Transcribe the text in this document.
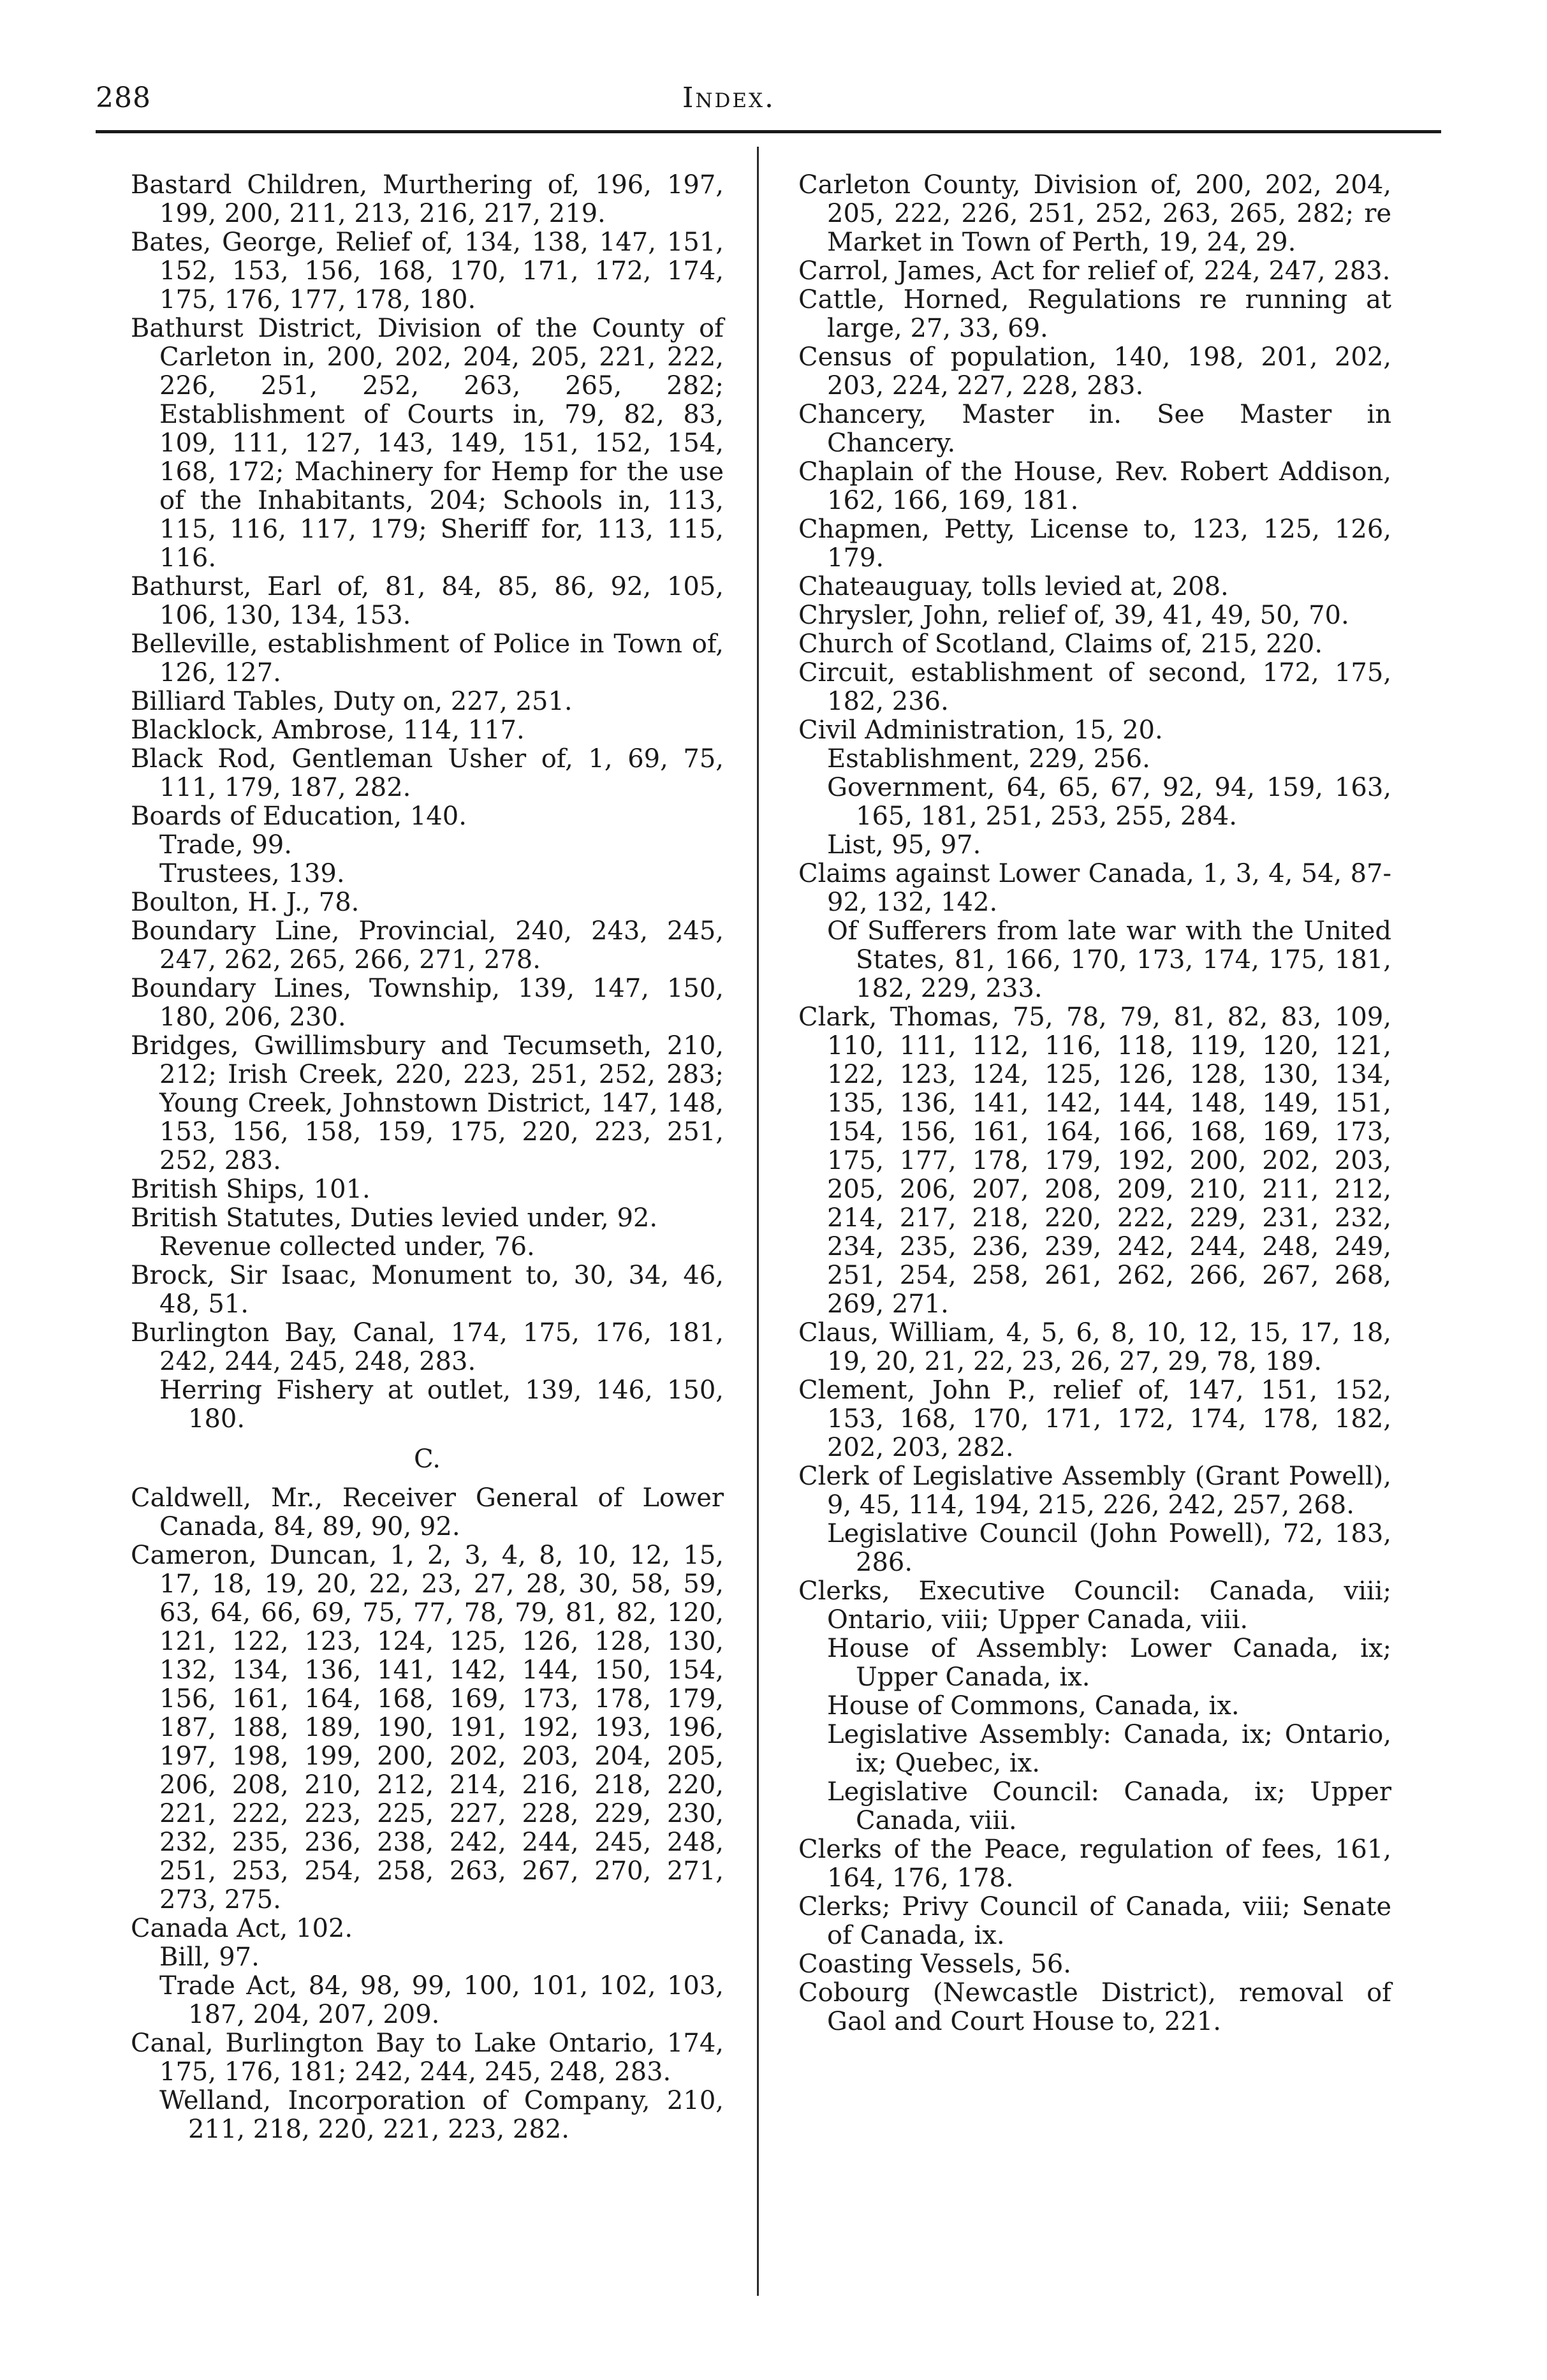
288	Index.

Bastard Children, Murthering of, 196, 197, 199, 200, 211, 213, 216, 217, 219.

Bates, George, Relief of, 134, 138, 147, 151, 152, 153, 156, 168, 170, 171, 172, 174, 175, 176, 177, 178, 180.

Bathurst District, Division of the County of Carleton in, 200, 202, 204, 205, 221, 222, 226, 251, 252, 263, 265, 282; Establishment of Courts in, 79, 82, 83, 109, 111, 127, 143, 149, 151, 152, 154, 168, 172; Machinery for Hemp for the use of the Inhabitants, 204; Schools in, 113, 115, 116, 117, 179; Sheriff for, 113, 115, 116.

Bathurst, Earl of, 81, 84, 85, 86, 92, 105, 106, 130, 134, 153.

Belleville, establishment of Police in Town of, 126, 127.

Billiard Tables, Duty on, 227, 251.

Blacklock, Ambrose, 114, 117.

Black Rod, Gentleman Usher of, 1, 69, 75, 111, 179, 187, 282.

Boards of Education, 140.

Trade, 99.

Trustees, 139.

Boulton, H. J., 78.

Boundary Line, Provincial, 240, 243, 245, 247, 262, 265, 266, 271, 278.

Boundary Lines, Township, 139, 147, 150, 180, 206, 230.

Bridges, Gwillimsbury and Tecumseth, 210, 212; Irish Creek, 220, 223, 251, 252, 283; Young Creek, Johnstown District, 147, 148, 153, 156, 158, 159, 175, 220, 223, 251, 252, 283.

British Ships, 101.

British Statutes, Duties levied under, 92.

Revenue collected under, 76.

Brock, Sir Isaac, Monument to, 30, 34, 46, 48, 51.

Burlington Bay, Canal, 174, 175, 176, 181, 242, 244, 245, 248, 283.

Herring Fishery at outlet, 139, 146, 150, 180.

C.

Caldwell, Mr., Receiver General of Lower Canada, 84, 89, 90, 92.

Cameron, Duncan, 1, 2, 3, 4, 8, 10, 12, 15, 17, 18, 19, 20, 22, 23, 27, 28, 30, 58, 59, 63, 64, 66, 69, 75, 77, 78, 79, 81, 82, 120, 121, 122, 123, 124, 125, 126, 128, 130, 132, 134, 136, 141, 142, 144, 150, 154, 156, 161, 164, 168, 169, 173, 178, 179, 187, 188, 189, 190, 191, 192, 193, 196, 197, 198, 199, 200, 202, 203, 204, 205, 206, 208, 210, 212, 214, 216, 218, 220, 221, 222, 223, 225, 227, 228, 229, 230, 232, 235, 236, 238, 242, 244, 245, 248, 251, 253, 254, 258, 263, 267, 270, 271, 273, 275.

Canada Act, 102.

Bill, 97.

Trade Act, 84, 98, 99, 100, 101, 102, 103, 187, 204, 207, 209.

Canal, Burlington Bay to Lake Ontario, 174, 175, 176, 181; 242, 244, 245, 248, 283.

Welland, Incorporation of Company, 210, 211, 218, 220, 221, 223, 282.

Carleton County, Division of, 200, 202, 204, 205, 222, 226, 251, 252, 263, 265, 282; re Market in Town of Perth, 19, 24, 29.

Carrol, James, Act for relief of, 224, 247, 283.

Cattle, Horned, Regulations re running at large, 27, 33, 69.

Census of population, 140, 198, 201, 202, 203, 224, 227, 228, 283.

Chancery, Master in. See Master in Chancery.

Chaplain of the House, Rev. Robert Addison, 162, 166, 169, 181.

Chapmen, Petty, License to, 123, 125, 126, 179.

Chateauguay, tolls levied at, 208.

Chrysler, John, relief of, 39, 41, 49, 50, 70.

Church of Scotland, Claims of, 215, 220.

Circuit, establishment of second, 172, 175, 182, 236.

Civil Administration, 15, 20.

Establishment, 229, 256.

Government, 64, 65, 67, 92, 94, 159, 163, 165, 181, 251, 253, 255, 284.

List, 95, 97.

Claims against Lower Canada, 1, 3, 4, 54, 87-92, 132, 142.

Of Sufferers from late war with the United States, 81, 166, 170, 173, 174, 175, 181, 182, 229, 233.

Clark, Thomas, 75, 78, 79, 81, 82, 83, 109, 110, 111, 112, 116, 118, 119, 120, 121, 122, 123, 124, 125, 126, 128, 130, 134, 135, 136, 141, 142, 144, 148, 149, 151, 154, 156, 161, 164, 166, 168, 169, 173, 175, 177, 178, 179, 192, 200, 202, 203, 205, 206, 207, 208, 209, 210, 211, 212, 214, 217, 218, 220, 222, 229, 231, 232, 234, 235, 236, 239, 242, 244, 248, 249, 251, 254, 258, 261, 262, 266, 267, 268, 269, 271.

Claus, William, 4, 5, 6, 8, 10, 12, 15, 17, 18, 19, 20, 21, 22, 23, 26, 27, 29, 78, 189.

Clement, John P., relief of, 147, 151, 152, 153, 168, 170, 171, 172, 174, 178, 182, 202, 203, 282.

Clerk of Legislative Assembly (Grant Powell), 9, 45, 114, 194, 215, 226, 242, 257, 268.

Legislative Council (John Powell), 72, 183, 286.

Clerks, Executive Council: Canada, viii; Ontario, viii; Upper Canada, viii.

House of Assembly: Lower Canada, ix; Upper Canada, ix.

House of Commons, Canada, ix.

Legislative Assembly: Canada, ix; Ontario, ix; Quebec, ix.

Legislative Council: Canada, ix; Upper Canada, viii.

Clerks of the Peace, regulation of fees, 161, 164, 176, 178.

Clerks; Privy Council of Canada, viii; Senate of Canada, ix.

Coasting Vessels, 56.

Cobourg (Newcastle District), removal of Gaol and Court House to, 221.
